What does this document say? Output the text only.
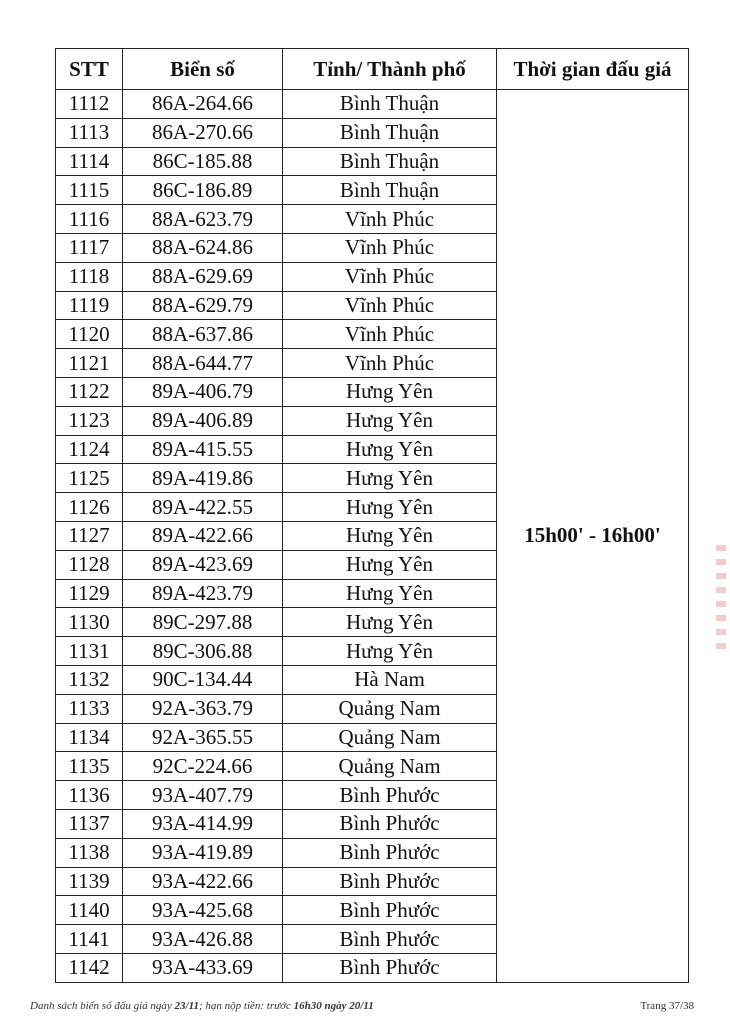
STT	Biển số	Tỉnh/ Thành phố	Thời gian đấu giá
1112	86A-264.66	Bình Thuận	15h00' - 16h00'
1113	86A-270.66	Bình Thuận	
1114	86C-185.88	Bình Thuận	
1115	86C-186.89	Bình Thuận	
1116	88A-623.79	Vĩnh Phúc	
1117	88A-624.86	Vĩnh Phúc	
1118	88A-629.69	Vĩnh Phúc	
1119	88A-629.79	Vĩnh Phúc	
1120	88A-637.86	Vĩnh Phúc	
1121	88A-644.77	Vĩnh Phúc	
1122	89A-406.79	Hưng Yên	
1123	89A-406.89	Hưng Yên	
1124	89A-415.55	Hưng Yên	
1125	89A-419.86	Hưng Yên	
1126	89A-422.55	Hưng Yên	
1127	89A-422.66	Hưng Yên	
1128	89A-423.69	Hưng Yên	
1129	89A-423.79	Hưng Yên	
1130	89C-297.88	Hưng Yên	
1131	89C-306.88	Hưng Yên	
1132	90C-134.44	Hà Nam	
1133	92A-363.79	Quảng Nam	
1134	92A-365.55	Quảng Nam	
1135	92C-224.66	Quảng Nam	
1136	93A-407.79	Bình Phước	
1137	93A-414.99	Bình Phước	
1138	93A-419.89	Bình Phước	
1139	93A-422.66	Bình Phước	
1140	93A-425.68	Bình Phước	
1141	93A-426.88	Bình Phước	
1142	93A-433.69	Bình Phước	
Danh sách biển số đấu giá ngày 23/11; hạn nộp tiền: trước 16h30 ngày 20/11	Trang 37/38
